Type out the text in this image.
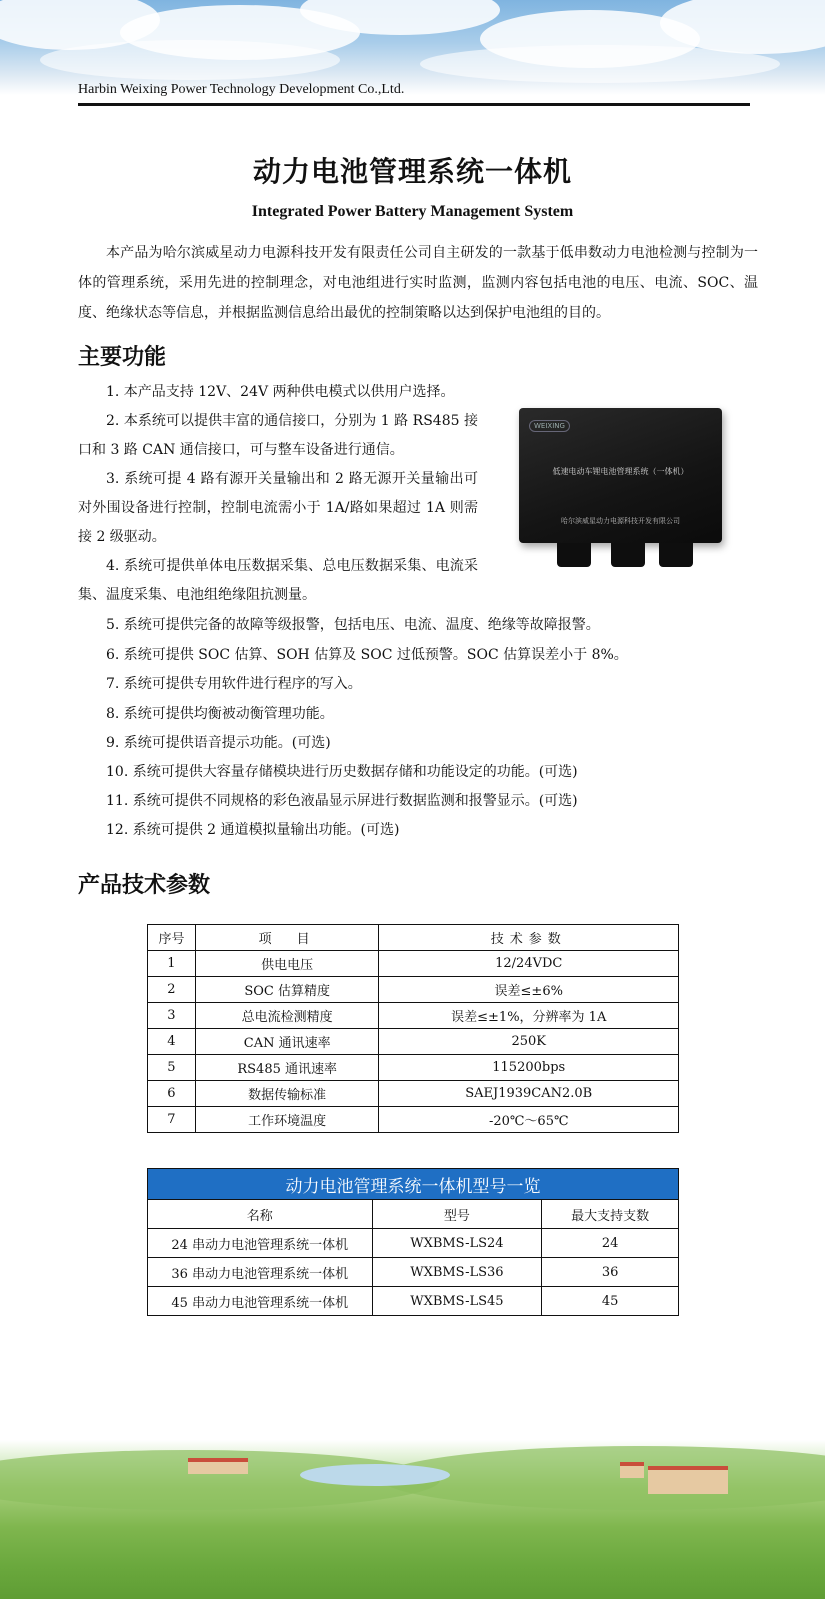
Harbin Weixing Power Technology Development Co.,Ltd.
动力电池管理系统一体机
Integrated Power Battery Management System
本产品为哈尔滨威星动力电源科技开发有限责任公司自主研发的一款基于低串数动力电池检测与控制为一体的管理系统，采用先进的控制理念，对电池组进行实时监测，监测内容包括电池的电压、电流、SOC、温度、绝缘状态等信息，并根据监测信息给出最优的控制策略以达到保护电池组的目的。
主要功能
1. 本产品支持 12V、24V 两种供电模式以供用户选择。
2. 本系统可以提供丰富的通信接口，分别为 1 路 RS485 接口和 3 路 CAN 通信接口，可与整车设备进行通信。
3. 系统可提 4 路有源开关量输出和 2 路无源开关量输出可对外围设备进行控制，控制电流需小于 1A/路如果超过 1A 则需接 2 级驱动。
4. 系统可提供单体电压数据采集、总电压数据采集、电流采集、温度采集、电池组绝缘阻抗测量。
5. 系统可提供完备的故障等级报警，包括电压、电流、温度、绝缘等故障报警。
6. 系统可提供 SOC 估算、SOH 估算及 SOC 过低预警。SOC 估算误差小于 8%。
7. 系统可提供专用软件进行程序的写入。
8. 系统可提供均衡被动衡管理功能。
9. 系统可提供语音提示功能。(可选)
10. 系统可提供大容量存储模块进行历史数据存储和功能设定的功能。(可选)
11. 系统可提供不同规格的彩色液晶显示屏进行数据监测和报警显示。(可选)
12. 系统可提供 2 通道模拟量输出功能。(可选)
WEIXING
低速电动车锂电池管理系统（一体机）
哈尔滨威星动力电源科技开发有限公司
产品技术参数
序号	项　目	技术参数
1	供电电压	12/24VDC
2	SOC 估算精度	误差≤±6%
3	总电流检测精度	误差≤±1%，分辨率为 1A
4	CAN 通讯速率	250K
5	RS485 通讯速率	115200bps
6	数据传输标准	SAEJ1939CAN2.0B
7	工作环境温度	-20℃～65℃
动力电池管理系统一体机型号一览		
名称	型号	最大支持支数
24 串动力电池管理系统一体机	WXBMS-LS24	24
36 串动力电池管理系统一体机	WXBMS-LS36	36
45 串动力电池管理系统一体机	WXBMS-LS45	45
